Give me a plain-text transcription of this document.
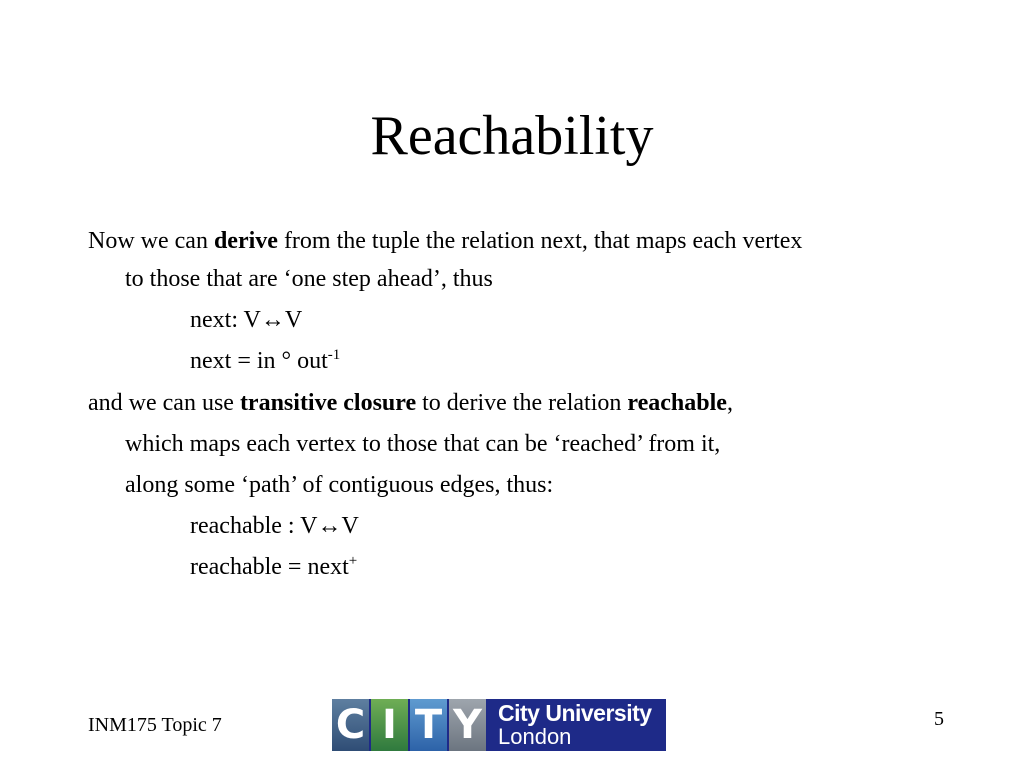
Reachability
Now we can derive from the tuple the relation next, that maps each vertex
to those that are ‘one step ahead’, thus
next: V↔V
next = in ° out$^{-1}$
and we can use transitive closure to derive the relation reachable,
which maps each vertex to those that can be ‘reached’ from it,
along some ‘path’ of contiguous edges, thus:
reachable : V↔V
reachable = next+
INM175 Topic 7	C I T Y City University
London
5
